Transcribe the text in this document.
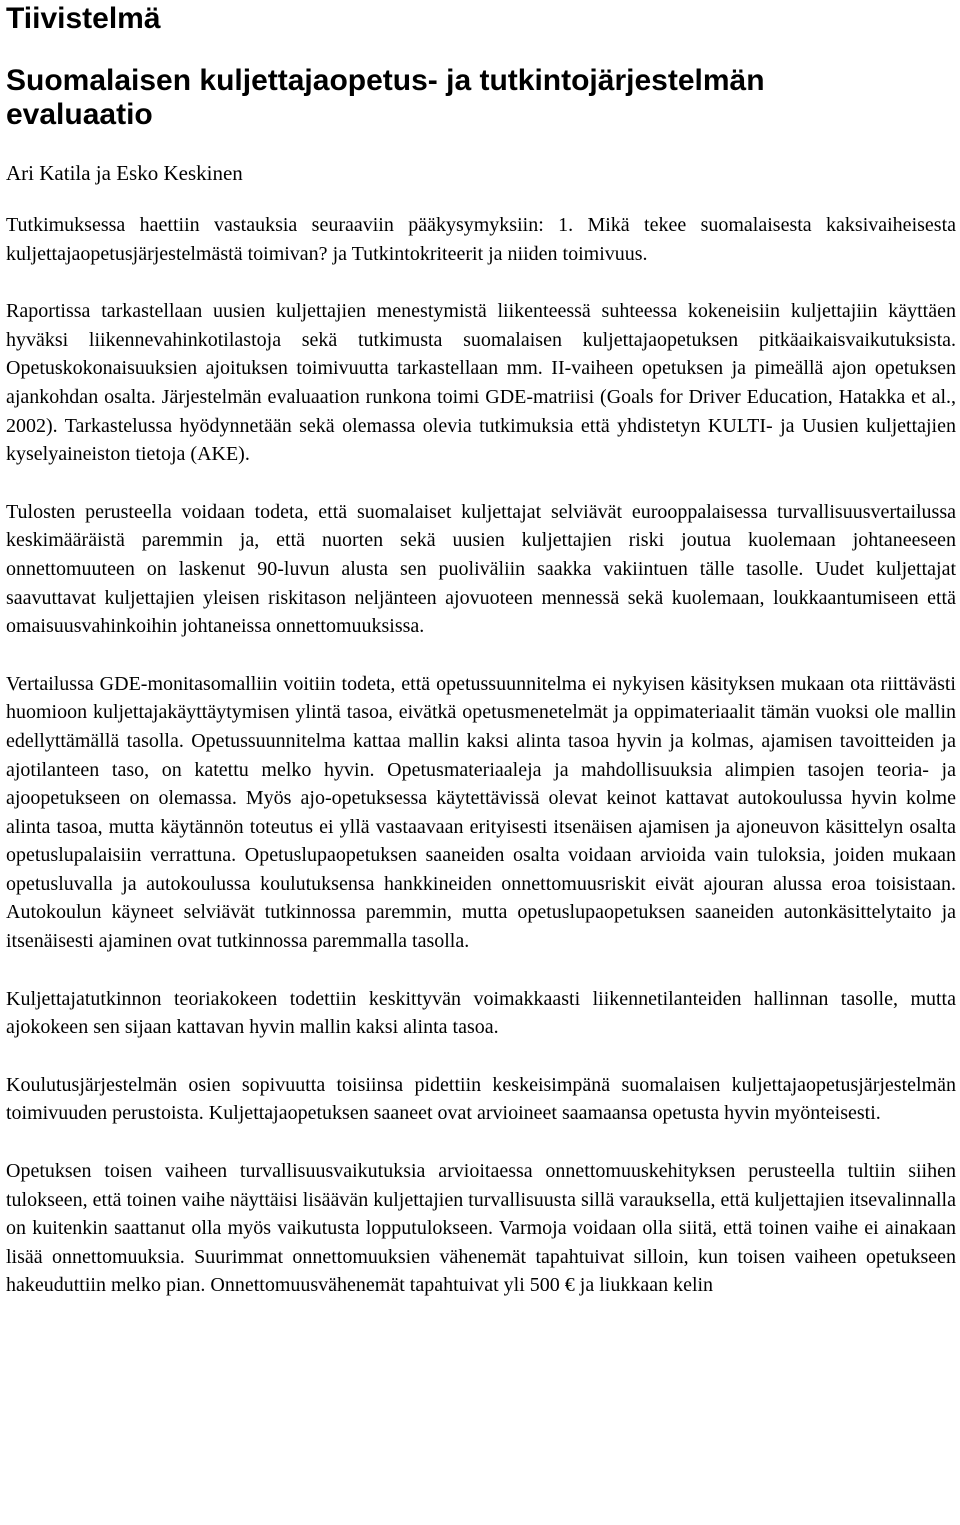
Tiivistelmä
Suomalaisen kuljettajaopetus- ja tutkintojärjestelmän evaluaatio
Ari Katila ja Esko Keskinen

Tutkimuksessa haettiin vastauksia seuraaviin pääkysymyksiin: 1. Mikä tekee suomalaisesta kaksivaiheisesta kuljettajaopetusjärjestelmästä toimivan? ja Tutkintokriteerit ja niiden toimivuus.

Raportissa tarkastellaan uusien kuljettajien menestymistä liikenteessä suhteessa kokeneisiin kuljettajiin käyttäen hyväksi liikennevahinkotilastoja sekä tutkimusta suomalaisen kuljettajaopetuksen pitkäaikaisvaikutuksista. Opetuskokonaisuuksien ajoituksen toimivuutta tarkastellaan mm. II-vaiheen opetuksen ja pimeällä ajon opetuksen ajankohdan osalta. Järjestelmän evaluaation runkona toimi GDE-matriisi (Goals for Driver Education, Hatakka et al., 2002). Tarkastelussa hyödynnetään sekä olemassa olevia tutkimuksia että yhdistetyn KULTI- ja Uusien kuljettajien kyselyaineiston tietoja (AKE).

Tulosten perusteella voidaan todeta, että suomalaiset kuljettajat selviävät eurooppalaisessa turvallisuusvertailussa keskimääräistä paremmin ja, että nuorten sekä uusien kuljettajien riski joutua kuolemaan johtaneeseen onnettomuuteen on laskenut 90-luvun alusta sen puoliväliin saakka vakiintuen tälle tasolle. Uudet kuljettajat saavuttavat kuljettajien yleisen riskitason neljänteen ajovuoteen mennessä sekä kuolemaan, loukkaantumiseen että omaisuusvahinkoihin johtaneissa onnettomuuksissa.

Vertailussa GDE-monitasomalliin voitiin todeta, että opetussuunnitelma ei nykyisen käsityksen mukaan ota riittävästi huomioon kuljettajakäyttäytymisen ylintä tasoa, eivätkä opetusmenetelmät ja oppimateriaalit tämän vuoksi ole mallin edellyttämällä tasolla. Opetussuunnitelma kattaa mallin kaksi alinta tasoa hyvin ja kolmas, ajamisen tavoitteiden ja ajotilanteen taso, on katettu melko hyvin. Opetusmateriaaleja ja mahdollisuuksia alimpien tasojen teoria- ja ajoopetukseen on olemassa. Myös ajo-opetuksessa käytettävissä olevat keinot kattavat autokoulussa hyvin kolme alinta tasoa, mutta käytännön toteutus ei yllä vastaavaan erityisesti itsenäisen ajamisen ja ajoneuvon käsittelyn osalta opetuslupalaisiin verrattuna. Opetuslupaopetuksen saaneiden osalta voidaan arvioida vain tuloksia, joiden mukaan opetusluvalla ja autokoulussa koulutuksensa hankkineiden onnettomuusriskit eivät ajouran alussa eroa toisistaan. Autokoulun käyneet selviävät tutkinnossa paremmin, mutta opetuslupaopetuksen saaneiden autonkäsittelytaito ja itsenäisesti ajaminen ovat tutkinnossa paremmalla tasolla.

Kuljettajatutkinnon teoriakokeen todettiin keskittyvän voimakkaasti liikennetilanteiden hallinnan tasolle, mutta ajokokeen sen sijaan kattavan hyvin mallin kaksi alinta tasoa.

Koulutusjärjestelmän osien sopivuutta toisiinsa pidettiin keskeisimpänä suomalaisen kuljettajaopetusjärjestelmän toimivuuden perustoista. Kuljettajaopetuksen saaneet ovat arvioineet saamaansa opetusta hyvin myönteisesti.

Opetuksen toisen vaiheen turvallisuusvaikutuksia arvioitaessa onnettomuuskehityksen perusteella tultiin siihen tulokseen, että toinen vaihe näyttäisi lisäävän kuljettajien turvallisuusta sillä varauksella, että kuljettajien itsevalinnalla on kuitenkin saattanut olla myös vaikutusta lopputulokseen. Varmoja voidaan olla siitä, että toinen vaihe ei ainakaan lisää onnettomuuksia. Suurimmat onnettomuuksien vähenemät tapahtuivat silloin, kun toisen vaiheen opetukseen hakeuduttiin melko pian. Onnettomuusvähenemät tapahtuivat yli 500 € ja liukkaan kelin
